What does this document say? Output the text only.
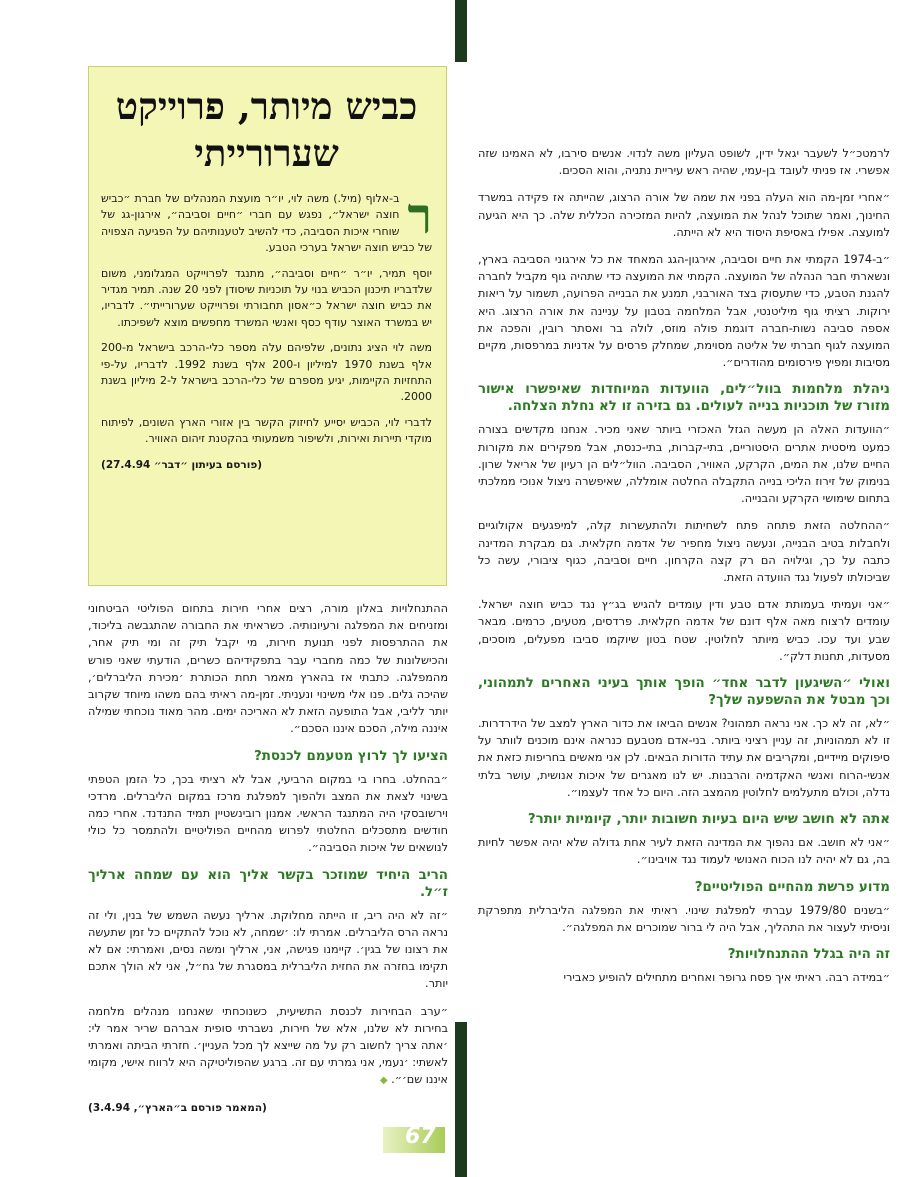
כביש מיותר, פרוייקט שערורייתי

ר
ב-אלוף (מיל.) משה לוי, יו״ר מועצת המנהלים של חברת ״כביש חוצה ישראל״, נפגש עם חברי ״חיים וסביבה״, אירגון-גג של שוחרי איכות הסביבה, כדי להשיב לטענותיהם על הפגיעה הצפויה של כביש חוצה ישראל בערכי הטבע.

יוסף תמיר, יו״ר ״חיים וסביבה״, מתנגד לפרוייקט המגלומני, משום שלדבריו תיכנון הכביש בנוי על תוכניות שיסודן לפני 20 שנה. תמיר מגדיר את כביש חוצה ישראל כ״אסון תחבורתי ופרוייקט שערורייתי״. לדבריו, יש במשרד האוצר עודף כסף ואנשי המשרד מחפשים מוצא לשפיכתו.

משה לוי הציג נתונים, שלפיהם עלה מספר כלי-הרכב בישראל מ-200 אלף בשנת 1970 למיליון ו-200 אלף בשנת 1992. לדבריו, על-פי התחזיות הקיימות, יגיע מספרם של כלי-הרכב בישראל ל-2 מיליון בשנת 2000.

לדברי לוי, הכביש יסייע לחיזוק הקשר בין אזורי הארץ השונים, לפיתוח מוקדי תיירות ואירות, ולשיפור משמעותי בהקטנת זיהום האוויר.

(פורסם בעיתון ״דבר״ 27.4.94)

לרמטכ״ל לשעבר יגאל ידין, לשופט העליון משה לנדוי. אנשים סירבו, לא האמינו שזה אפשרי. אז פניתי לעובד בן-עמי, שהיה ראש עיריית נתניה, והוא הסכים.

״אחרי זמן-מה הוא העלה בפני את שמה של אורה הרצוג, שהייתה אז פקידה במשרד החינוך, ואמר שתוכל לנהל את המועצה, להיות המזכירה הכללית שלה. כך היא הגיעה למועצה. אפילו באסיפת היסוד היא לא הייתה.

״ב-1974 הקמתי את חיים וסביבה, אירגון-הגג המאחד את כל אירגוני הסביבה בארץ, ונשארתי חבר הנהלה של המועצה. הקמתי את המועצה כדי שתהיה גוף מקביל לחברה להגנת הטבע, כדי שתעסוק בצד האורבני, תמנע את הבנייה הפרועה, תשמור על ריאות ירוקות. רציתי גוף מיליטנטי, אבל המלחמה בטבון על עניינה את אורה הרצוג. היא אספה סביבה נשות-חברה דוגמת פולה מוזס, לולה בר ואסתר רובין, והפכה את המועצה לגוף חברתי של אליטה מסוימת, שמחלק פרסים על אדניות במרפסות, מקיים מסיבות ומפיץ פירסומים מהודרים״.

ניהלת מלחמות בוול״לים, הוועדות המיוחדות שאיפשרו אישור מזורז של תוכניות בנייה לעולים. גם בזירה זו לא נחלת הצלחה.

״הוועדות האלה הן מעשה הגזל האכזרי ביותר שאני מכיר. אנחנו מקדשים בצורה כמעט מיסטית אתרים היסטוריים, בתי-קברות, בתי-כנסת, אבל מפקירים את מקורות החיים שלנו, את המים, הקרקע, האוויר, הסביבה. הוול״לים הן רעיון של אריאל שרון. בנימוק של זירוז הליכי בנייה התקבלה החלטה אומללה, שאיפשרה ניצול אנוכי ממלכתי בתחום שימושי הקרקע והבנייה.

״ההחלטה הזאת פתחה פתח לשחיתות ולהתעשרות קלה, למיפגעים אקולוגיים ולחבלות בטיב הבנייה, ונעשה ניצול מחפיר של אדמה חקלאית. גם מבקרת המדינה כתבה על כך, וגילויה הם רק קצה הקרחון. חיים וסביבה, כגוף ציבורי, עשה כל שביכולתו לפעול נגד הוועדה הזאת.

״אני ועמיתי בעמותת אדם טבע ודין עומדים להגיש בג״ץ נגד כביש חוצה ישראל. עומדים לרצוח מאה אלף דונם של אדמה חקלאית. פרדסים, מטעים, כרמים. מבאר שבע ועד עכו. כביש מיותר לחלוטין. שטח בטון שיוקמו סביבו מפעלים, מוסכים, מסעדות, תחנות דלק״.

ואולי ״השיגעון לדבר אחד״ הופך אותך בעיני האחרים לתמהוני, וכך מבטל את ההשפעה שלך?

״לא, זה לא כך. אני נראה תמהוני? אנשים הביאו את כדור הארץ למצב של הידרדרות. זו לא תמהוניות, זה עניין רציני ביותר. בני-אדם מטבעם כנראה אינם מוכנים לוותר על סיפוקים מיידיים, ומקריבים את עתיד הדורות הבאים. לכן אני מאשים בחריפות כזאת את אנשי-הרוח ואנשי האקדמיה והרבנות. יש לנו מאגרים של איכות אנושית, עושר בלתי נדלה, וכולם מתעלמים לחלוטין מהמצב הזה. היום כל אחד לעצמו״.

אתה לא חושב שיש היום בעיות חשובות יותר, קיומיות יותר?

״אני לא חושב. אם נהפוך את המדינה הזאת לעיר אחת גדולה שלא יהיה אפשר לחיות בה, גם לא יהיה לנו הכוח האנושי לעמוד נגד אויבינו״.

מדוע פרשת מהחיים הפוליטיים?

״בשנים 1979/80 עברתי למפלגת שינוי. ראיתי את המפלגה הליברלית מתפרקת וניסיתי לעצור את התהליך, אבל היה לי ברור שמוכרים את המפלגה״.

זה היה בגלל ההתנחלויות?

״במידה רבה. ראיתי איך פסח גרופר ואחרים מתחילים להופיע כאבירי

ההתנחלויות באלון מורה, רצים אחרי חירות בתחום הפוליטי הביטחוני ומזניחים את המפלגה ורעיונותיה. כשראיתי את החבורה שהתגבשה בליכוד, את ההתרפסות לפני תנועת חירות, מי יקבל תיק זה ומי תיק אחר, והכישלונות של כמה מחברי עבר בתפקידיהם כשרים, הודעתי שאני פורש מהמפלגה. כתבתי אז בהארץ מאמר תחת הכותרת ׳מכירת הליברלים׳, שהיכה גלים. פנו אלי משינוי ונעניתי. זמן-מה ראיתי בהם משהו מיוחד שקרוב יותר לליבי, אבל התופעה הזאת לא האריכה ימים. מהר מאוד נוכחתי שמילה איננה מילה, הסכם איננו הסכם״.

הציעו לך לרוץ מטעמם לכנסת?

״בהחלט. בחרו בי במקום הרביעי, אבל לא רציתי בכך, כל הזמן הטפתי בשינוי לצאת את המצב ולהפוך למפלגת מרכז במקום הליברלים. מרדכי וירשובסקי היה המתנגד הראשי. אמנון רובינשטיין תמיד התנדנד. אחרי כמה חודשים מתסכלים החלטתי לפרוש מהחיים הפוליטיים ולהתמסר כל כולי לנושאים של איכות הסביבה״.

הריב היחיד שמוזכר בקשר אליך הוא עם שמחה ארליך ז״ל.

״זה לא היה ריב, זו הייתה מחלוקת. ארליך נעשה השמש של בנין, ולי זה נראה הרס הליברלים. אמרתי לו: ׳שמחה, לא נוכל להתקיים כל זמן שתעשה את רצונו של בגין׳. קיימנו פגישה, אני, ארליך ומשה נסים, ואמרתי: אם לא תקימו בחזרה את החזית הליברלית במסגרת של גח״ל, אני לא הולך אתכם יותר.

״ערב הבחירות לכנסת התשיעית, כשנוכחתי שאנחנו מנהלים מלחמה בחירות לא שלנו, אלא של חירות, נשברתי סופית אברהם שריר אמר לי: ׳אתה צריך לחשוב רק על מה שייצא לך מכל העניין׳. חזרתי הביתה ואמרתי לאשתי: ׳נעמי, אני גמרתי עם זה. ברגע שהפוליטיקה היא לרווח אישי, מקומי איננו שם׳״. ◆

(המאמר פורסם ב״הארץ״, 3.4.94)
67
